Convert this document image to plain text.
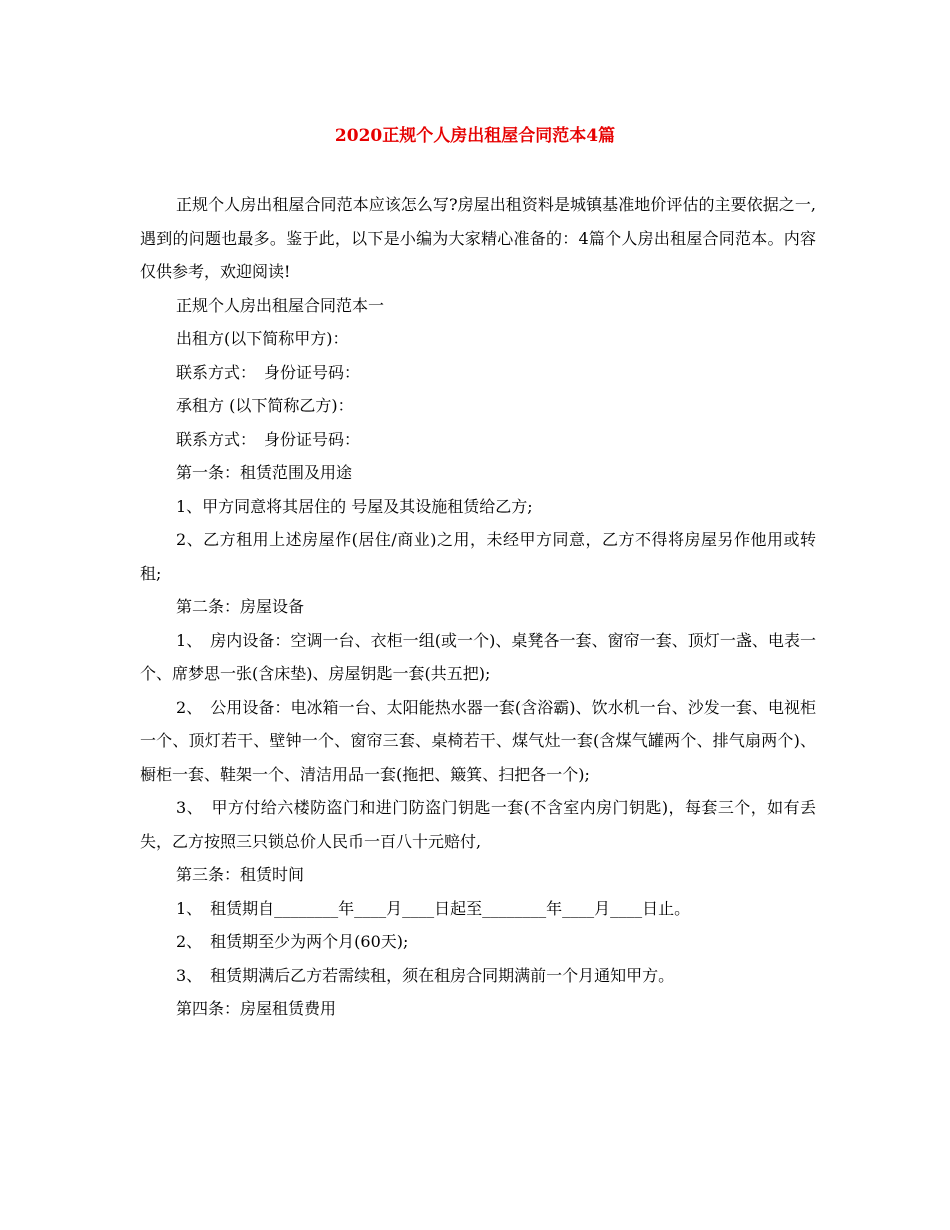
2020正规个人房出租屋合同范本4篇

正规个人房出租屋合同范本应该怎么写?房屋出租资料是城镇基准地价评估的主要依据之一,遇到的问题也最多。鉴于此，以下是小编为大家精心准备的：4篇个人房出租屋合同范本。内容仅供参考，欢迎阅读!

正规个人房出租屋合同范本一

出租方(以下简称甲方)：

联系方式：　身份证号码：

承租方 (以下简称乙方)：

联系方式：　身份证号码：

第一条：租赁范围及用途

1、甲方同意将其居住的 号屋及其设施租赁给乙方;

2、乙方租用上述房屋作(居住/商业)之用，未经甲方同意，乙方不得将房屋另作他用或转租;

第二条：房屋设备

1、　房内设备：空调一台、衣柜一组(或一个)、桌凳各一套、窗帘一套、顶灯一盏、电表一个、席梦思一张(含床垫)、房屋钥匙一套(共五把);

2、　公用设备：电冰箱一台、太阳能热水器一套(含浴霸)、饮水机一台、沙发一套、电视柜一个、顶灯若干、壁钟一个、窗帘三套、桌椅若干、煤气灶一套(含煤气罐两个、排气扇两个)、橱柜一套、鞋架一个、清洁用品一套(拖把、簸箕、扫把各一个);

3、　甲方付给六楼防盗门和进门防盗门钥匙一套(不含室内房门钥匙)，每套三个，如有丢失，乙方按照三只锁总价人民币一百八十元赔付,

第三条：租赁时间

1、　租赁期自________年____月____日起至________年____月____日止。

2、　租赁期至少为两个月(60天);

3、　租赁期满后乙方若需续租，须在租房合同期满前一个月通知甲方。

第四条：房屋租赁费用
